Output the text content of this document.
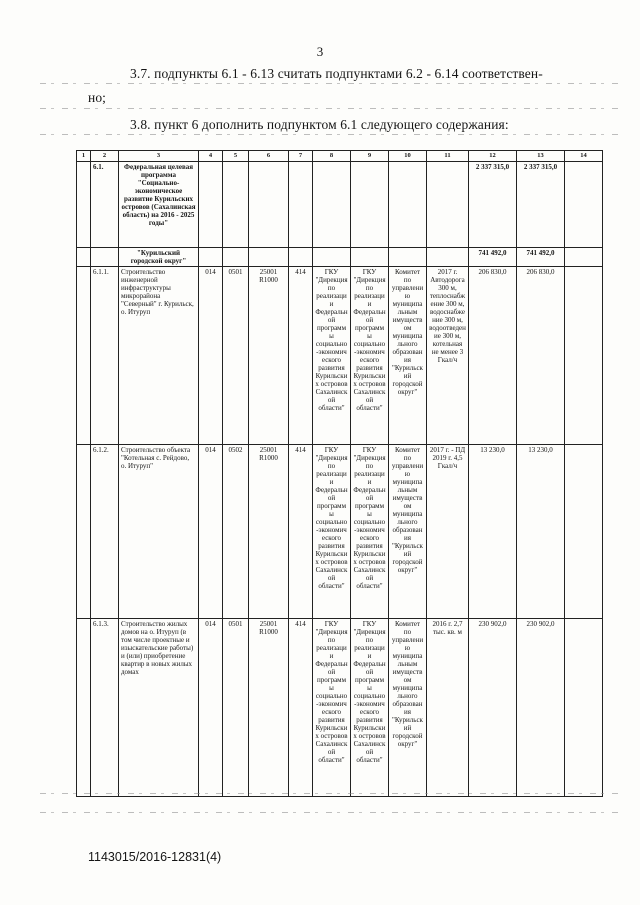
3
3.7. подпункты 6.1 - 6.13 считать подпунктами 6.2 - 6.14 соответствен-
но;
3.8. пункт 6 дополнить подпунктом 6.1 следующего содержания:
1	2	3	4	5	6	7	8	9	10	11	12	13	14
	6.1.	Федеральная целевая программа "Социально-экономическое развитие Курильских островов (Сахалинская область) на 2016 - 2025 годы"									2 337 315,0	2 337 315,0	
		"Курильский городской округ"									741 492,0	741 492,0	
	6.1.1.	Строительство инженерной инфраструктуры микрорайона "Северный" г. Курильск, о. Итуруп	014	0501	25001 R1000	414	ГКУ "Дирекция по реализации Федеральной программы социально-экономического развития Курильских островов Сахалинской области"	ГКУ "Дирекция по реализации Федеральной программы социально-экономического развития Курильских островов Сахалинской области"	Комитет по управлению муниципальным имуществом муниципального образования "Курильский городской округ"	2017 г. Автодорога 300 м, теплоснабжение 300 м, водоснабжение 300 м, водоотведение 300 м, котельная не менее 3 Гкал/ч	206 830,0	206 830,0	
	6.1.2.	Строительство объекта "Котельная с. Рейдово, о. Итуруп"	014	0502	25001 R1000	414	ГКУ "Дирекция по реализации Федеральной программы социально-экономического развития Курильских островов Сахалинской области"	ГКУ "Дирекция по реализации Федеральной программы социально-экономического развития Курильских островов Сахалинской области"	Комитет по управлению муниципальным имуществом муниципального образования "Курильский городской округ"	2017 г. - ПД 2019 г. 4,5 Гкал/ч	13 230,0	13 230,0	
	6.1.3.	Строительство жилых домов на о. Итуруп (в том числе проектные и изыскательские работы) и (или) приобретение квартир в новых жилых домах	014	0501	25001 R1000	414	ГКУ "Дирекция по реализации Федеральной программы социально-экономического развития Курильских островов Сахалинской области"	ГКУ "Дирекция по реализации Федеральной программы социально-экономического развития Курильских островов Сахалинской области"	Комитет по управлению муниципальным имуществом муниципального образования "Курильский городской округ"	2016 г. 2,7 тыс. кв. м	230 902,0	230 902,0	
1143015/2016-12831(4)
